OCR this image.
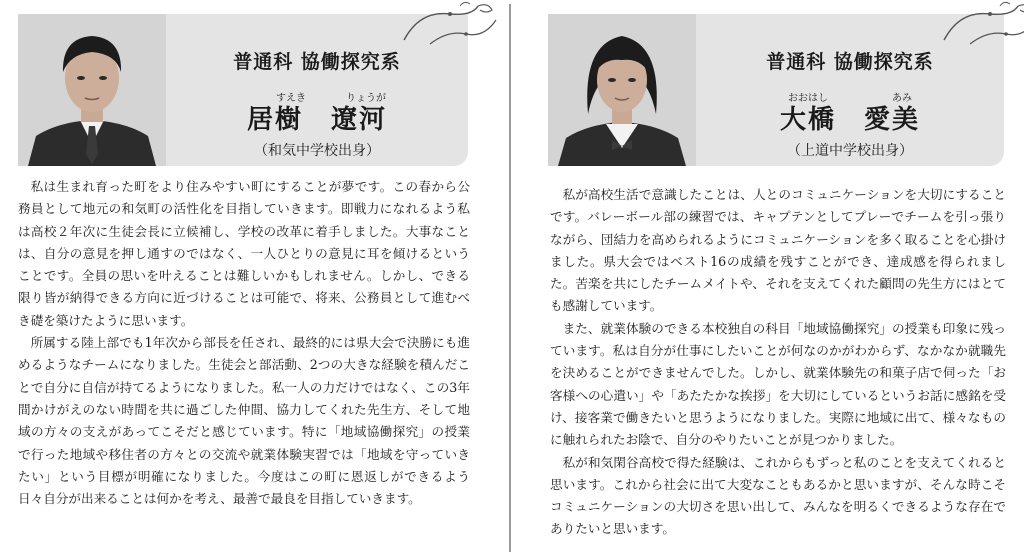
普通科 協働探究系
すえき	りょうが
居樹　遼河
（和気中学校出身）

私は生まれ育った町をより住みやすい町にすることが夢です。この春から公務員として地元の和気町の活性化を目指していきます。即戦力になれるよう私は高校２年次に生徒会長に立候補し、学校の改革に着手しました。大事なことは、自分の意見を押し通すのではなく、一人ひとりの意見に耳を傾けるということです。全員の思いを叶えることは難しいかもしれません。しかし、できる限り皆が納得できる方向に近づけることは可能で、将来、公務員として進むべき礎を築けたように思います。

所属する陸上部でも1年次から部長を任され、最終的には県大会で決勝にも進めるようなチームになりました。生徒会と部活動、2つの大きな経験を積んだことで自分に自信が持てるようになりました。私一人の力だけではなく、この3年間かけがえのない時間を共に過ごした仲間、協力してくれた先生方、そして地域の方々の支えがあってこそだと感じています。特に「地域協働探究」の授業で行った地域や移住者の方々との交流や就業体験実習では「地域を守っていきたい」という目標が明確になりました。今度はこの町に恩返しができるよう日々自分が出来ることは何かを考え、最善で最良を目指していきます。

普通科 協働探究系
おおはし	あみ
大橋　愛美
（上道中学校出身）

私が高校生活で意識したことは、人とのコミュニケーションを大切にすることです。バレーボール部の練習では、キャプテンとしてプレーでチームを引っ張りながら、団結力を高められるようにコミュニケーションを多く取ることを心掛けました。県大会ではベスト16の成績を残すことができ、達成感を得られました。苦楽を共にしたチームメイトや、それを支えてくれた顧問の先生方にはとても感謝しています。

また、就業体験のできる本校独自の科目「地域協働探究」の授業も印象に残っています。私は自分が仕事にしたいことが何なのかがわからず、なかなか就職先を決めることができませんでした。しかし、就業体験先の和菓子店で伺った「お客様への心遣い」や「あたたかな挨拶」を大切にしているというお話に感銘を受け、接客業で働きたいと思うようになりました。実際に地域に出て、様々なものに触れられたお陰で、自分のやりたいことが見つかりました。

私が和気閑谷高校で得た経験は、これからもずっと私のことを支えてくれると思います。これから社会に出て大変なこともあるかと思いますが、そんな時こそコミュニケーションの大切さを思い出して、みんなを明るくできるような存在でありたいと思います。
